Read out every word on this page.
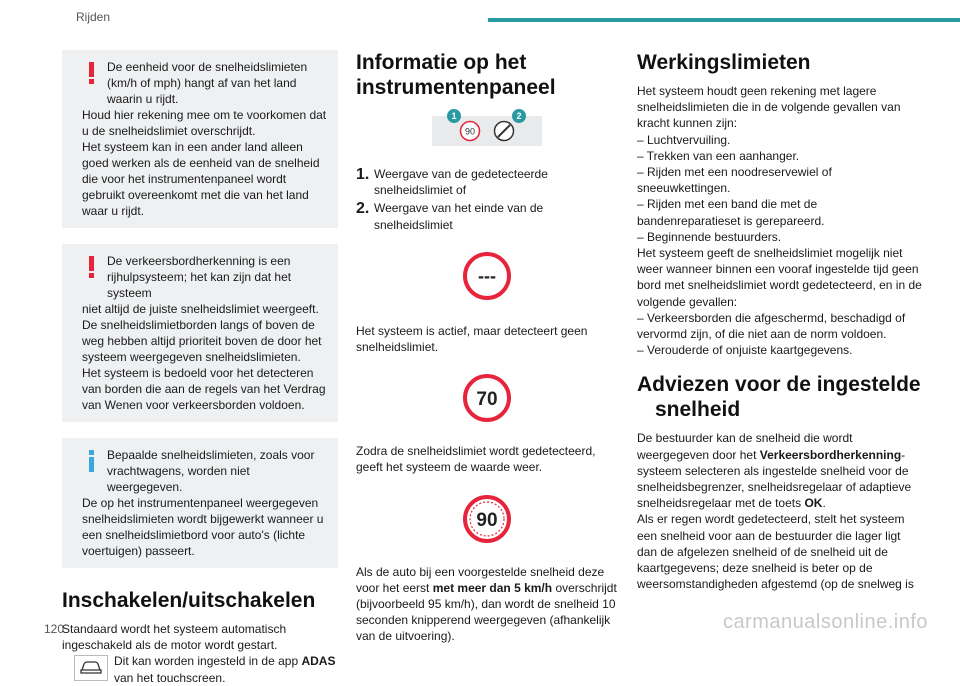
Rijden

De eenheid voor de snelheidslimieten (km/h of mph) hangt af van het land waarin u rijdt.

Houd hier rekening mee om te voorkomen dat u de snelheidslimiet overschrijdt.
Het systeem kan in een ander land alleen goed werken als de eenheid van de snelheid die voor het instrumentenpaneel wordt gebruikt overeenkomt met die van het land waar u rijdt.

De verkeersbordherkenning is een rijhulpsysteem; het kan zijn dat het systeem

niet altijd de juiste snelheidslimiet weergeeft.
De snelheidslimietborden langs of boven de weg hebben altijd prioriteit boven de door het systeem weergegeven snelheidslimieten.
Het systeem is bedoeld voor het detecteren van borden die aan de regels van het Verdrag van Wenen voor verkeersborden voldoen.

Bepaalde snelheidslimieten, zoals voor vrachtwagens, worden niet weergegeven.

De op het instrumentenpaneel weergegeven snelheidslimieten wordt bijgewerkt wanneer u een snelheidslimietbord voor auto's (lichte voertuigen) passeert.

Inschakelen/uitschakelen

Standaard wordt het systeem automatisch ingeschakeld als de motor wordt gestart.

Dit kan worden ingesteld in de app ADAS van het touchscreen.

Informatie op het
instrumentenpaneel
1	2
90
1. Weergave van de gedetecteerde snelheidslimiet of

2. Weergave van het einde van de snelheidslimiet

---

Het systeem is actief, maar detecteert geen snelheidslimiet.

70

Zodra de snelheidslimiet wordt gedetecteerd, geeft het systeem de waarde weer.

90

Als de auto bij een voorgestelde snelheid deze voor het eerst met meer dan 5 km/h overschrijdt (bijvoorbeeld 95 km/h), dan wordt de snelheid 10 seconden knipperend weergegeven (afhankelijk van de uitvoering).

Werkingslimieten

Het systeem houdt geen rekening met lagere snelheidslimieten die in de volgende gevallen van kracht kunnen zijn:
– Luchtvervuiling.
– Trekken van een aanhanger.
– Rijden met een noodreservewiel of sneeuwkettingen.
– Rijden met een band die met de bandenreparatieset is gerepareerd.
– Beginnende bestuurders.
Het systeem geeft de snelheidslimiet mogelijk niet weer wanneer binnen een vooraf ingestelde tijd geen bord met snelheidslimiet wordt gedetecteerd, en in de volgende gevallen:
– Verkeersborden die afgeschermd, beschadigd of vervormd zijn, of die niet aan de norm voldoen.
– Verouderde of onjuiste kaartgegevens.

Adviezen voor de ingestelde
snelheid

De bestuurder kan de snelheid die wordt weergegeven door het Verkeersbordherkenning-systeem selecteren als ingestelde snelheid voor de snelheidsbegrenzer, snelheidsregelaar of adaptieve snelheidsregelaar met de toets OK.

Als er regen wordt gedetecteerd, stelt het systeem een snelheid voor aan de bestuurder die lager ligt dan de afgelezen snelheid of de snelheid uit de kaartgegevens; deze snelheid is beter op de weersomstandigheden afgestemd (op de snelweg is

120	carmanualsonline.info
